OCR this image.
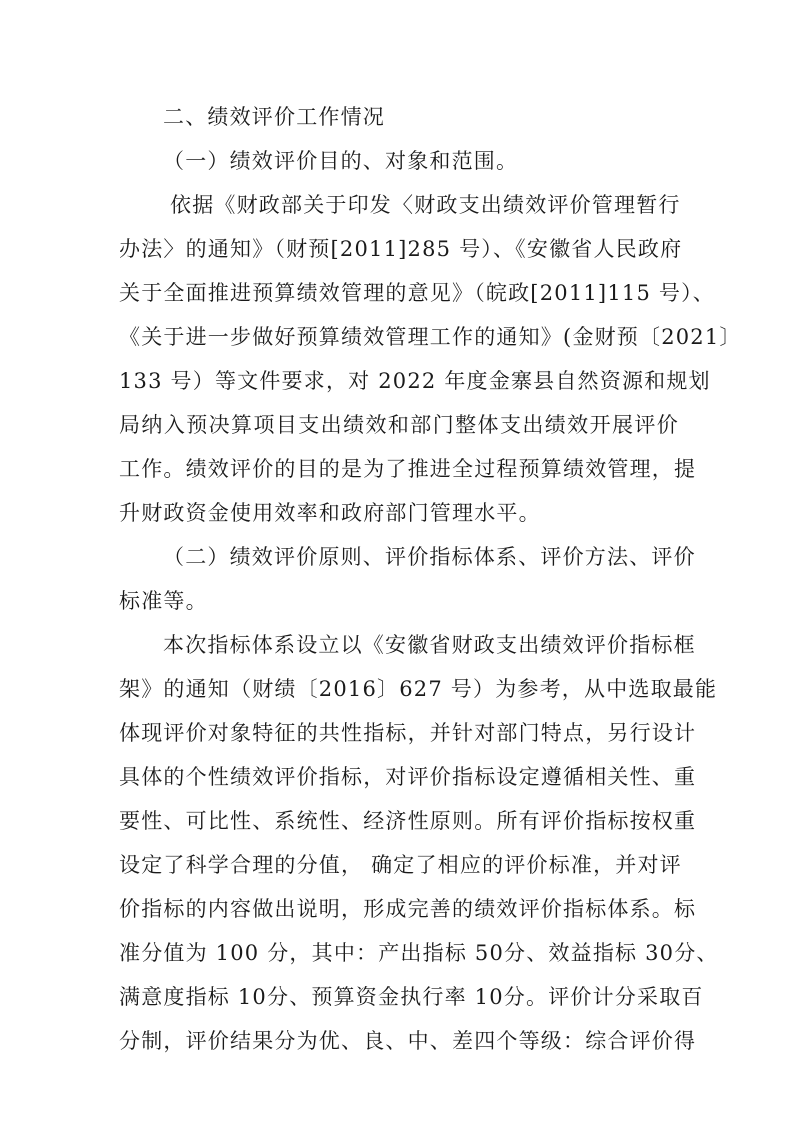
二、绩效评价工作情况
（一）绩效评价目的、对象和范围。
依据《财政部关于印发〈财政支出绩效评价管理暂行
办法〉的通知》（财预[2011]285 号）、《安徽省人民政府
关于全面推进预算绩效管理的意见》（皖政[2011]115 号）、
《关于进一步做好预算绩效管理工作的通知》(金财预〔2021〕
133 号）等文件要求，对 2022 年度金寨县自然资源和规划
局纳入预决算项目支出绩效和部门整体支出绩效开展评价
工作。绩效评价的目的是为了推进全过程预算绩效管理，提
升财政资金使用效率和政府部门管理水平。
（二）绩效评价原则、评价指标体系、评价方法、评价
标准等。
本次指标体系设立以《安徽省财政支出绩效评价指标框
架》的通知（财绩〔2016〕627 号）为参考，从中选取最能
体现评价对象特征的共性指标，并针对部门特点，另行设计
具体的个性绩效评价指标，对评价指标设定遵循相关性、重
要性、可比性、系统性、经济性原则。所有评价指标按权重
设定了科学合理的分值， 确定了相应的评价标准，并对评
价指标的内容做出说明，形成完善的绩效评价指标体系。标
准分值为 100 分，其中：产出指标 50分、效益指标 30分、
满意度指标 10分、预算资金执行率 10分。评价计分采取百
分制，评价结果分为优、良、中、差四个等级：综合评价得
